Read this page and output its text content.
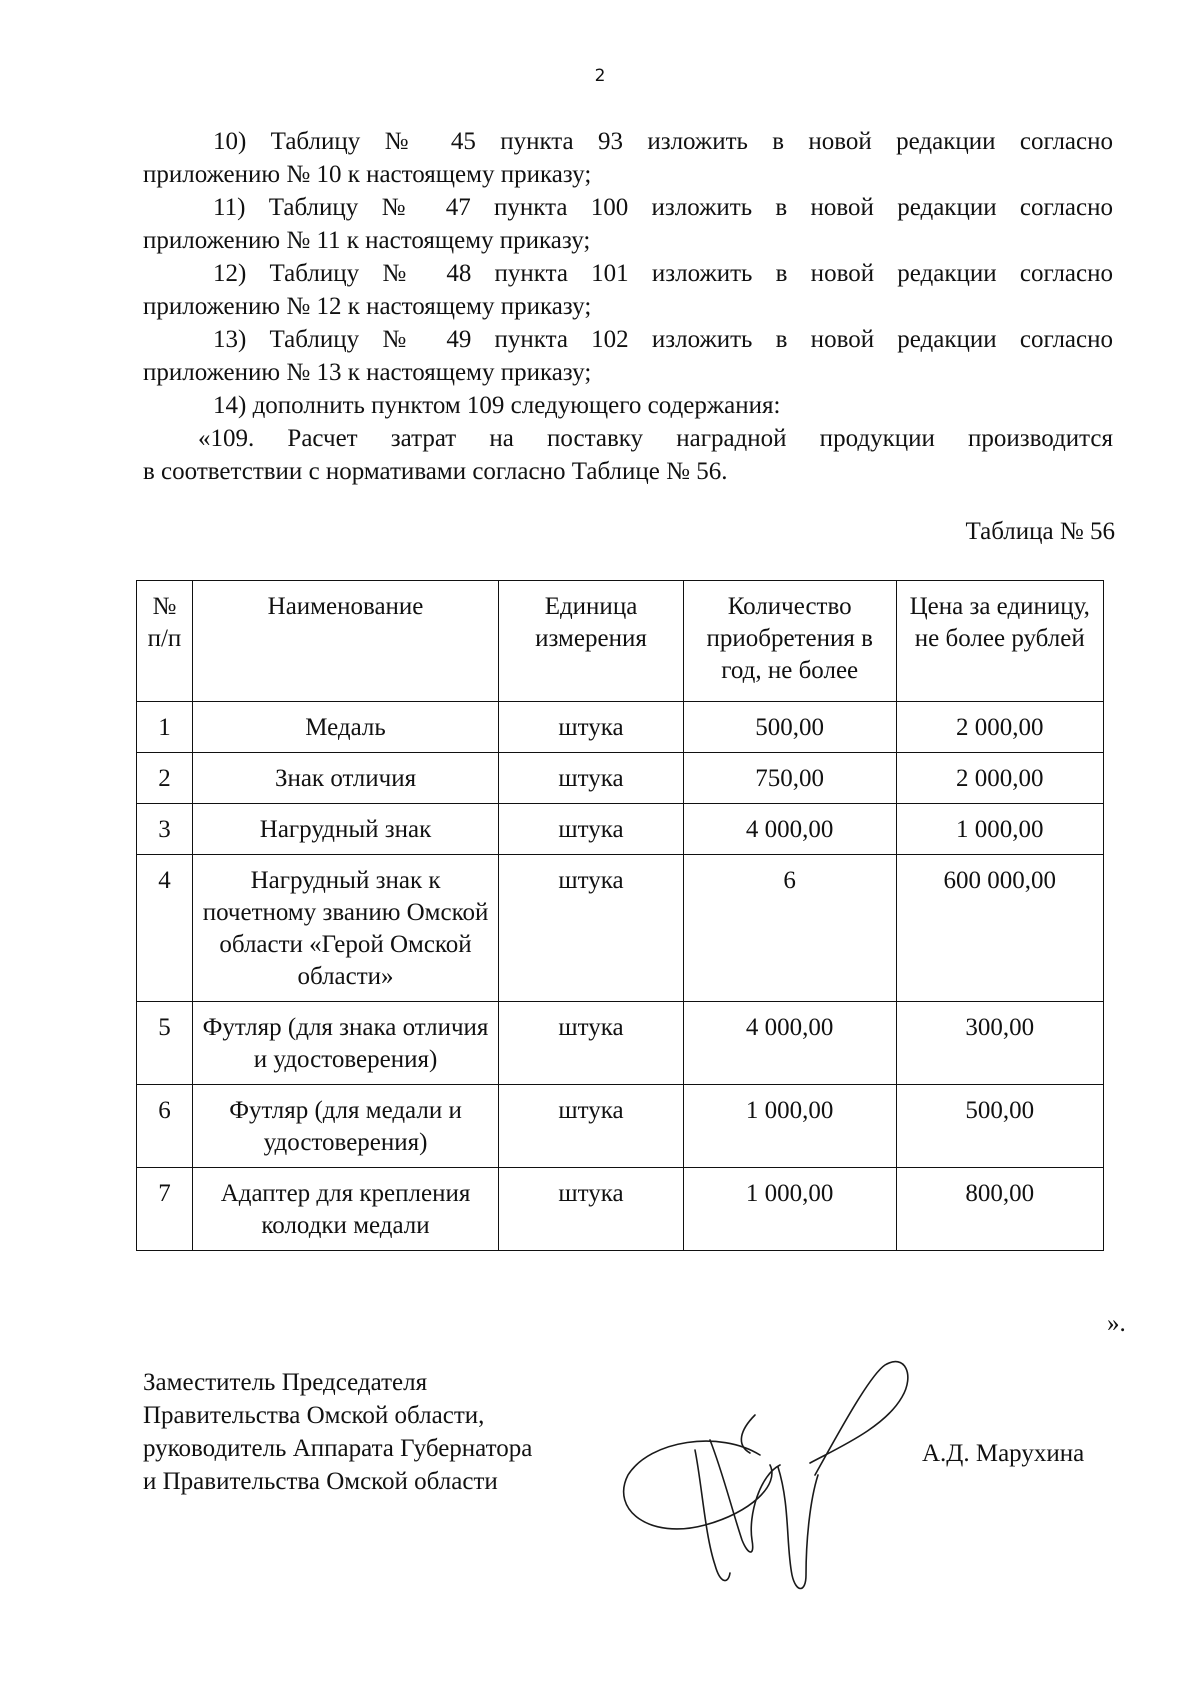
2

10) Таблицу № 45 пункта 93 изложить в новой редакции согласно

приложению № 10 к настоящему приказу;

11) Таблицу № 47 пункта 100 изложить в новой редакции согласно

приложению № 11 к настоящему приказу;

12) Таблицу № 48 пункта 101 изложить в новой редакции согласно

приложению № 12 к настоящему приказу;

13) Таблицу № 49 пункта 102 изложить в новой редакции согласно

приложению № 13 к настоящему приказу;

14) дополнить пунктом 109 следующего содержания:

«109. Расчет затрат на поставку наградной продукции производится

в соответствии с нормативами согласно Таблице № 56.

Таблица № 56
№ п/п	Наименование	Единица измерения	Количество приобретения в год, не более	Цена за единицу, не более рублей
1	Медаль	штука	500,00	2 000,00
2	Знак отличия	штука	750,00	2 000,00
3	Нагрудный знак	штука	4 000,00	1 000,00
4	Нагрудный знак к почетному званию Омской области «Герой Омской области»	штука	6	600 000,00
5	Футляр (для знака отличия и удостоверения)	штука	4 000,00	300,00
6	Футляр (для медали и удостоверения)	штука	1 000,00	500,00
7	Адаптер для крепления колодки медали	штука	1 000,00	800,00
».
Заместитель Председателя
Правительства Омской области,
руководитель Аппарата Губернатора
и Правительства Омской области
А.Д. Марухина
